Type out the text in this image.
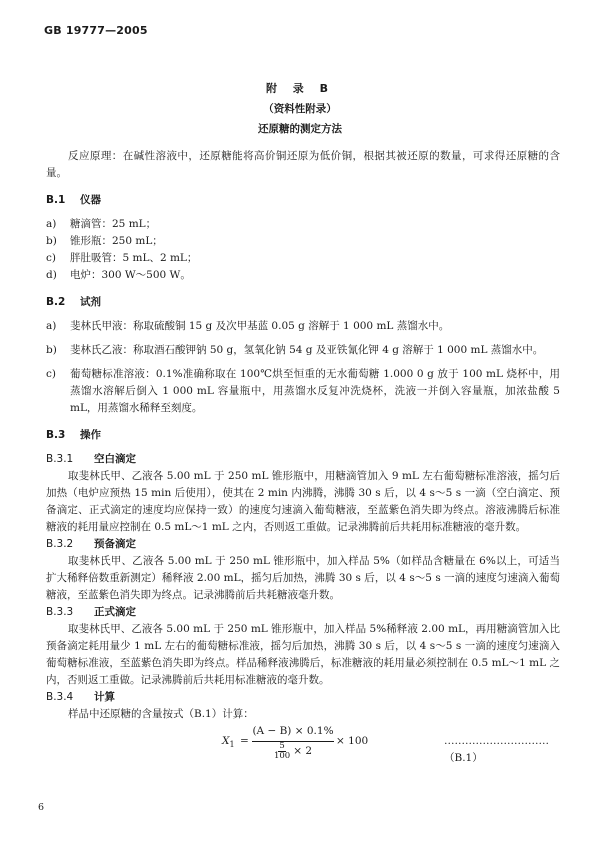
GB 19777—2005
附 录 B
（资料性附录）
还原糖的测定方法

反应原理：在碱性溶液中，还原糖能将高价铜还原为低价铜，根据其被还原的数量，可求得还原糖的含量。

B.1 仪器

a)	糖滴管：25 mL；
b)	锥形瓶：250 mL；
c)	胖肚吸管：5 mL、2 mL；
d)	电炉：300 W～500 W。

B.2 试剂

a)	斐林氏甲液：称取硫酸铜 15 g 及次甲基蓝 0.05 g 溶解于 1 000 mL 蒸馏水中。
b)	斐林氏乙液：称取酒石酸钾钠 50 g，氢氧化钠 54 g 及亚铁氰化钾 4 g 溶解于 1 000 mL 蒸馏水中。
c)	葡萄糖标准溶液：0.1%准确称取在 100℃烘至恒重的无水葡萄糖 1.000 0 g 放于 100 mL 烧杯中，用蒸馏水溶解后倒入 1 000 mL 容量瓶中，用蒸馏水反复冲洗烧杯，洗液一并倒入容量瓶，加浓盐酸 5 mL，用蒸馏水稀释至刻度。

B.3 操作

B.3.1 空白滴定

取斐林氏甲、乙液各 5.00 mL 于 250 mL 锥形瓶中，用糖滴管加入 9 mL 左右葡萄糖标准溶液，摇匀后加热（电炉应预热 15 min 后使用），使其在 2 min 内沸腾，沸腾 30 s 后，以 4 s～5 s 一滴（空白滴定、预备滴定、正式滴定的速度均应保持一致）的速度匀速滴入葡萄糖液，至蓝紫色消失即为终点。溶液沸腾后标准糖液的耗用量应控制在 0.5 mL～1 mL 之内，否则返工重做。记录沸腾前后共耗用标准糖液的毫升数。

B.3.2 预备滴定

取斐林氏甲、乙液各 5.00 mL 于 250 mL 锥形瓶中，加入样品 5%（如样品含糖量在 6%以上，可适当扩大稀释倍数重新测定）稀释液 2.00 mL，摇匀后加热，沸腾 30 s 后，以 4 s～5 s 一滴的速度匀速滴入葡萄糖液，至蓝紫色消失即为终点。记录沸腾前后共耗糖液毫升数。

B.3.3 正式滴定

取斐林氏甲、乙液各 5.00 mL 于 250 mL 锥形瓶中，加入样品 5%稀释液 2.00 mL，再用糖滴管加入比预备滴定耗用量少 1 mL 左右的葡萄糖标准液，摇匀后加热，沸腾 30 s 后，以 4 s～5 s 一滴的速度匀速滴入葡萄糖标准液，至蓝紫色消失即为终点。样品稀释液沸腾后，标准糖液的耗用量必须控制在 0.5 mL～1 mL 之内，否则返工重做。记录沸腾前后共耗用标准糖液的毫升数。

B.3.4 计算

样品中还原糖的含量按式（B.1）计算：

$X_1 = \frac{(A - B) \times 0.1\%}{\frac{5}{100} \times 2} \times 100$	…………………………（B.1）
6
